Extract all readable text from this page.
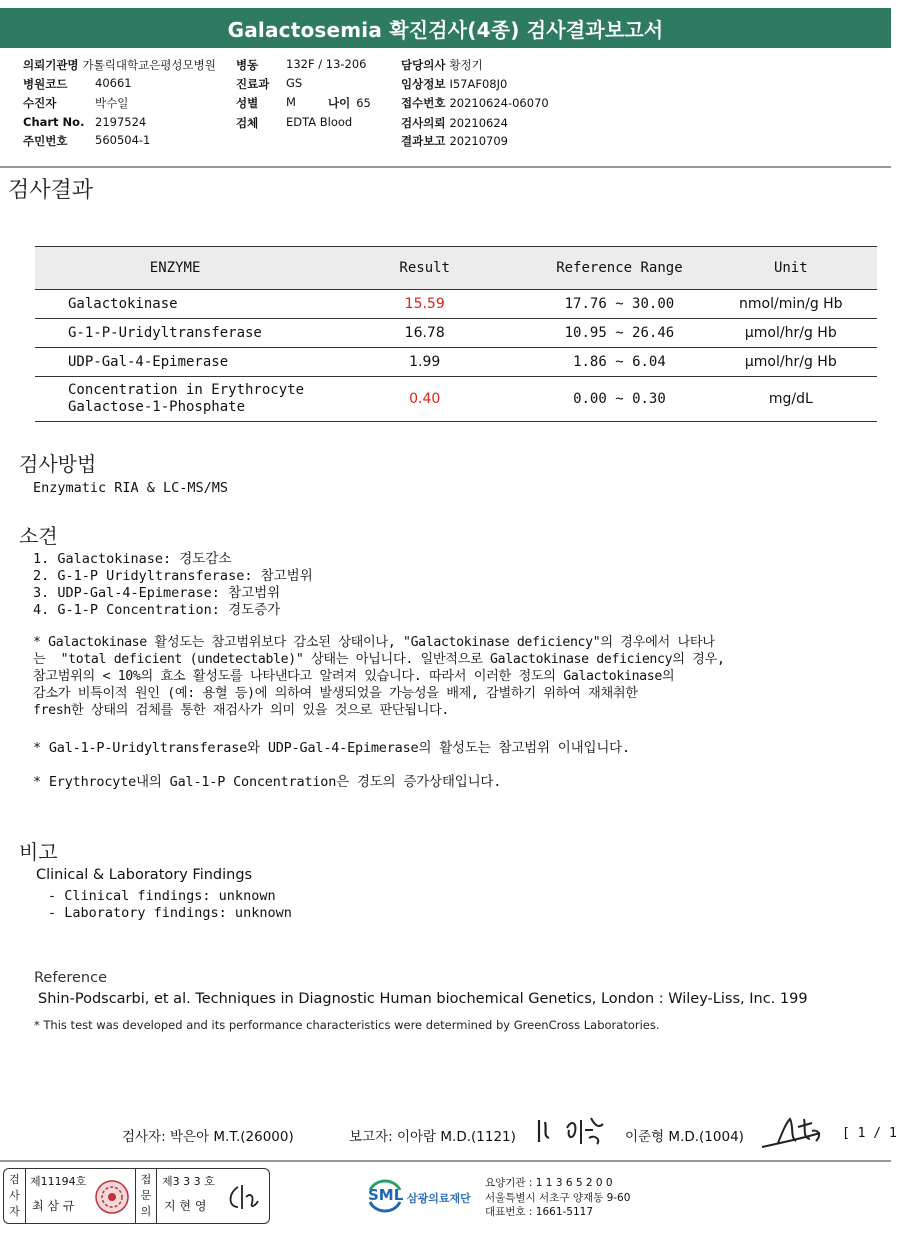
Galactosemia 확진검사(4종) 검사결과보고서
의뢰기관명 가톨릭대학교은평성모병원
병원코드 40661
수진자	박수일
Chart No. 2197524
주민번호 560504-1
병동 132F / 13-206
진료과 GS
성별 M	나이 65
검체 EDTA Blood
담당의사 황정기
임상정보 I57AF08J0
접수번호 20210624-06070
검사의뢰 20210624
결과보고 20210709
검사결과
ENZYME	Result	Reference Range	Unit
Galactokinase	15.59	17.76 ~ 30.00	nmol/min/g Hb
G-1-P-Uridyltransferase	16.78	10.95 ~ 26.46	μmol/hr/g Hb
UDP-Gal-4-Epimerase	1.99	1.86 ~ 6.04	μmol/hr/g Hb

Concentration in Erythrocyte
Galactose-1-Phosphate	0.40	0.00 ~ 0.30	mg/dL
검사방법
Enzymatic RIA & LC-MS/MS
소견
1. Galactokinase: 경도감소
2. G-1-P Uridyltransferase: 참고범위
3. UDP-Gal-4-Epimerase: 참고범위
4. G-1-P Concentration: 경도증가
* Galactokinase 활성도는 참고범위보다 감소된 상태이나, "Galactokinase deficiency"의 경우에서 나타나
는  "total deficient (undetectable)" 상태는 아닙니다. 일반적으로 Galactokinase deficiency의 경우,
참고범위의 < 10%의 효소 활성도를 나타낸다고 알려져 있습니다. 따라서 이러한 정도의 Galactokinase의
감소가 비특이적 원인 (예: 용혈 등)에 의하여 발생되었을 가능성을 배제, 감별하기 위하여 재채취한
fresh한 상태의 검체를 통한 재검사가 의미 있을 것으로 판단됩니다.
* Gal-1-P-Uridyltransferase와 UDP-Gal-4-Epimerase의 활성도는 참고범위 이내입니다.
* Erythrocyte내의 Gal-1-P Concentration은 경도의 증가상태입니다.
비고
Clinical & Laboratory Findings
- Clinical findings: unknown
- Laboratory findings: unknown
Reference
Shin-Podscarbi, et al. Techniques in Diagnostic Human biochemical Genetics, London : Wiley-Liss, Inc. 199
* This test was developed and its performance characteristics were determined by GreenCross Laboratories.
검사자: 박은아 M.T.(26000)	보고자: 이아람 M.D.(1121)	이준형 M.D.(1004)	[ 1 / 1
검사자
제11194호
최 삼 규
접문의
제3 3 3 호
지 현 영
SML 삼광의료재단
요양기관 : 1 1 3 6 5 2 0 0
서울특별시 서초구 양재동 9-60
대표번호 : 1661-5117
